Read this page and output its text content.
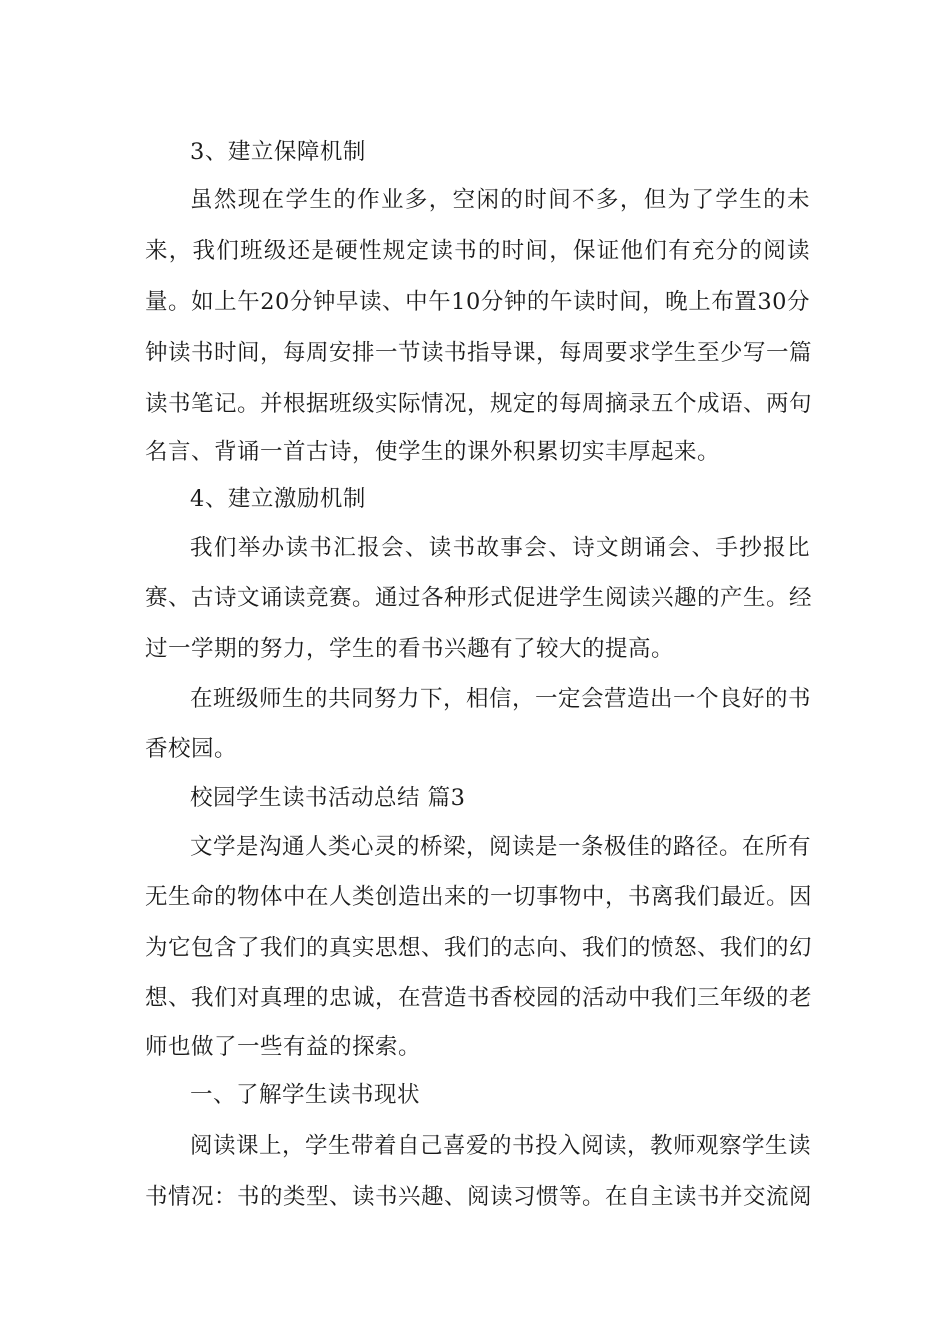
3、建立保障机制
虽然现在学生的作业多，空闲的时间不多，但为了学生的未
来，我们班级还是硬性规定读书的时间，保证他们有充分的阅读
量。如上午20分钟早读、中午10分钟的午读时间，晚上布置30分
钟读书时间，每周安排一节读书指导课，每周要求学生至少写一篇
读书笔记。并根据班级实际情况，规定的每周摘录五个成语、两句
名言、背诵一首古诗，使学生的课外积累切实丰厚起来。
4、建立激励机制
我们举办读书汇报会、读书故事会、诗文朗诵会、手抄报比
赛、古诗文诵读竞赛。通过各种形式促进学生阅读兴趣的产生。经
过一学期的努力，学生的看书兴趣有了较大的提高。
在班级师生的共同努力下，相信，一定会营造出一个良好的书
香校园。
校园学生读书活动总结 篇3
文学是沟通人类心灵的桥梁，阅读是一条极佳的路径。在所有
无生命的物体中在人类创造出来的一切事物中，书离我们最近。因
为它包含了我们的真实思想、我们的志向、我们的愤怒、我们的幻
想、我们对真理的忠诚，在营造书香校园的活动中我们三年级的老
师也做了一些有益的探索。
一、了解学生读书现状
阅读课上，学生带着自己喜爱的书投入阅读，教师观察学生读
书情况：书的类型、读书兴趣、阅读习惯等。在自主读书并交流阅
